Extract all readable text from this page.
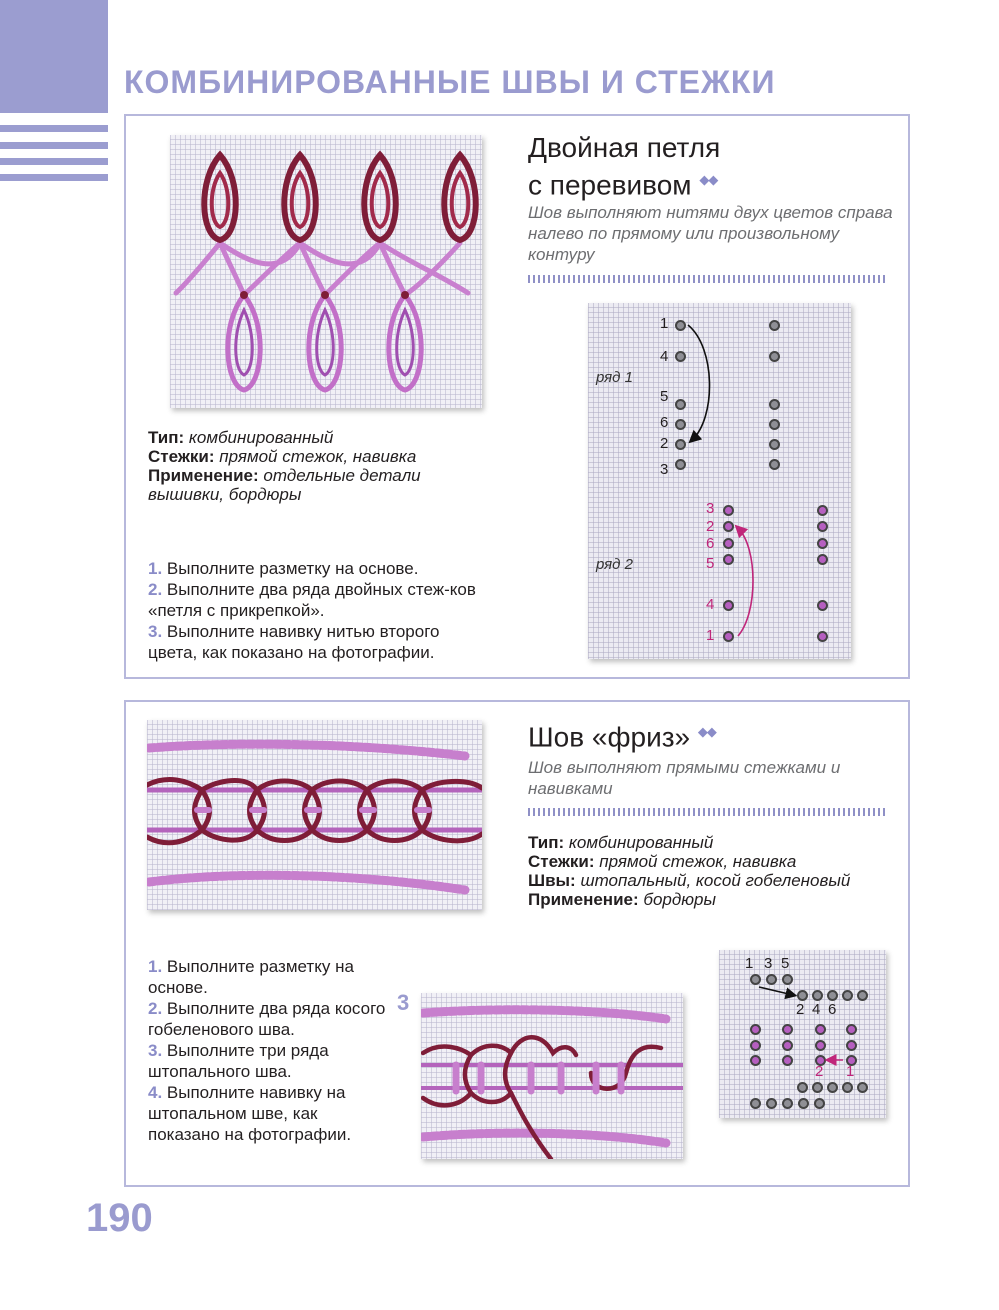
КОМБИНИРОВАННЫЕ ШВЫ И СТЕЖКИ
Двойная петля
с перевивом ◆◆
Шов выполняют нитями двух цветов справа налево по прямому или произвольному контуру
Тип: комбинированный
Стежки: прямой стежок, навивка
Применение: отдельные детали вышивки, бордюры
1. Выполните разметку на основе.
2. Выполните два ряда двойных стеж-ков «петля с прикрепкой».
3. Выполните навивку нитью второго цвета, как показано на фотографии.
ряд 1
ряд 2
1
4
5
6
2
3
3
2
6
5
4
1
Шов «фриз» ◆◆
Шов выполняют прямыми стежками и навивками
Тип: комбинированный
Стежки: прямой стежок, навивка
Швы: штопальный, косой гобеленовый
Применение: бордюры
1. Выполните разметку на основе.
2. Выполните два ряда косого гобеленового шва.
3. Выполните три ряда штопального шва.
4. Выполните навивку на штопальном шве, как показано на фотографии.
3
1 3 5
2 4 6
2 1
190
